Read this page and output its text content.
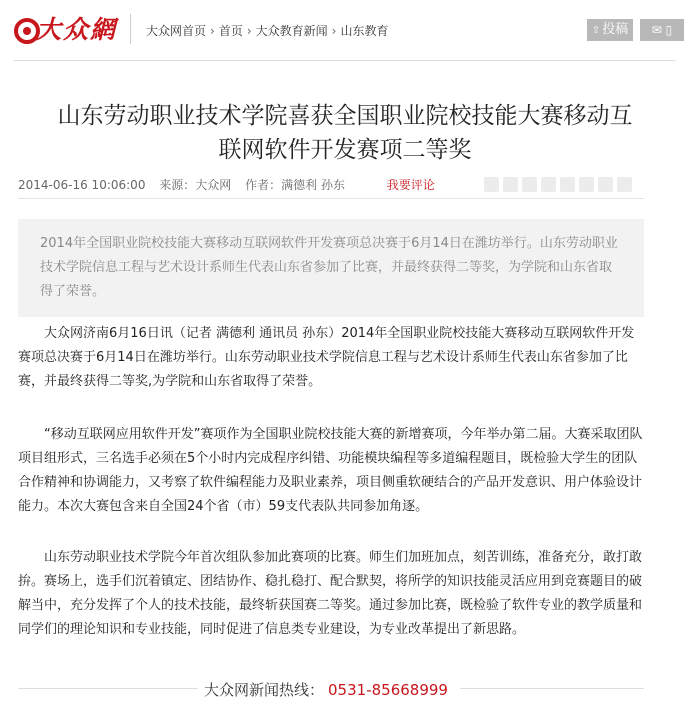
大众網 大众网首页 › 首页 › 大众教育新闻 › 山东教育	⇧ 投稿	✉ ▯
山东劳动职业技术学院喜获全国职业院校技能大赛移动互
联网软件开发赛项二等奖
2014-06-16 10:06:00 来源：大众网 作者：满德利 孙东	我要评论

2014年全国职业院校技能大赛移动互联网软件开发赛项总决赛于6月14日在潍坊举行。山东劳动职业技术学院信息工程与艺术设计系师生代表山东省参加了比赛，并最终获得二等奖，为学院和山东省取得了荣誉。

大众网济南6月16日讯（记者 满德利 通讯员 孙东）2014年全国职业院校技能大赛移动互联网软件开发赛项总决赛于6月14日在潍坊举行。山东劳动职业技术学院信息工程与艺术设计系师生代表山东省参加了比赛，并最终获得二等奖,为学院和山东省取得了荣誉。

“移动互联网应用软件开发”赛项作为全国职业院校技能大赛的新增赛项，今年举办第二届。大赛采取团队项目组形式，三名选手必须在5个小时内完成程序纠错、功能模块编程等多道编程题目，既检验大学生的团队合作精神和协调能力，又考察了软件编程能力及职业素养，项目侧重软硬结合的产品开发意识、用户体验设计能力。本次大赛包含来自全国24个省（市）59支代表队共同参加角逐。

山东劳动职业技术学院今年首次组队参加此赛项的比赛。师生们加班加点，刻苦训练，准备充分，敢打敢拚。赛场上，选手们沉着镇定、团结协作、稳扎稳打、配合默契，将所学的知识技能灵活应用到竞赛题目的破解当中，充分发挥了个人的技术技能，最终斩获国赛二等奖。通过参加比赛，既检验了软件专业的教学质量和同学们的理论知识和专业技能，同时促进了信息类专业建设，为专业改革提出了新思路。

大众网新闻热线： 0531-85668999
